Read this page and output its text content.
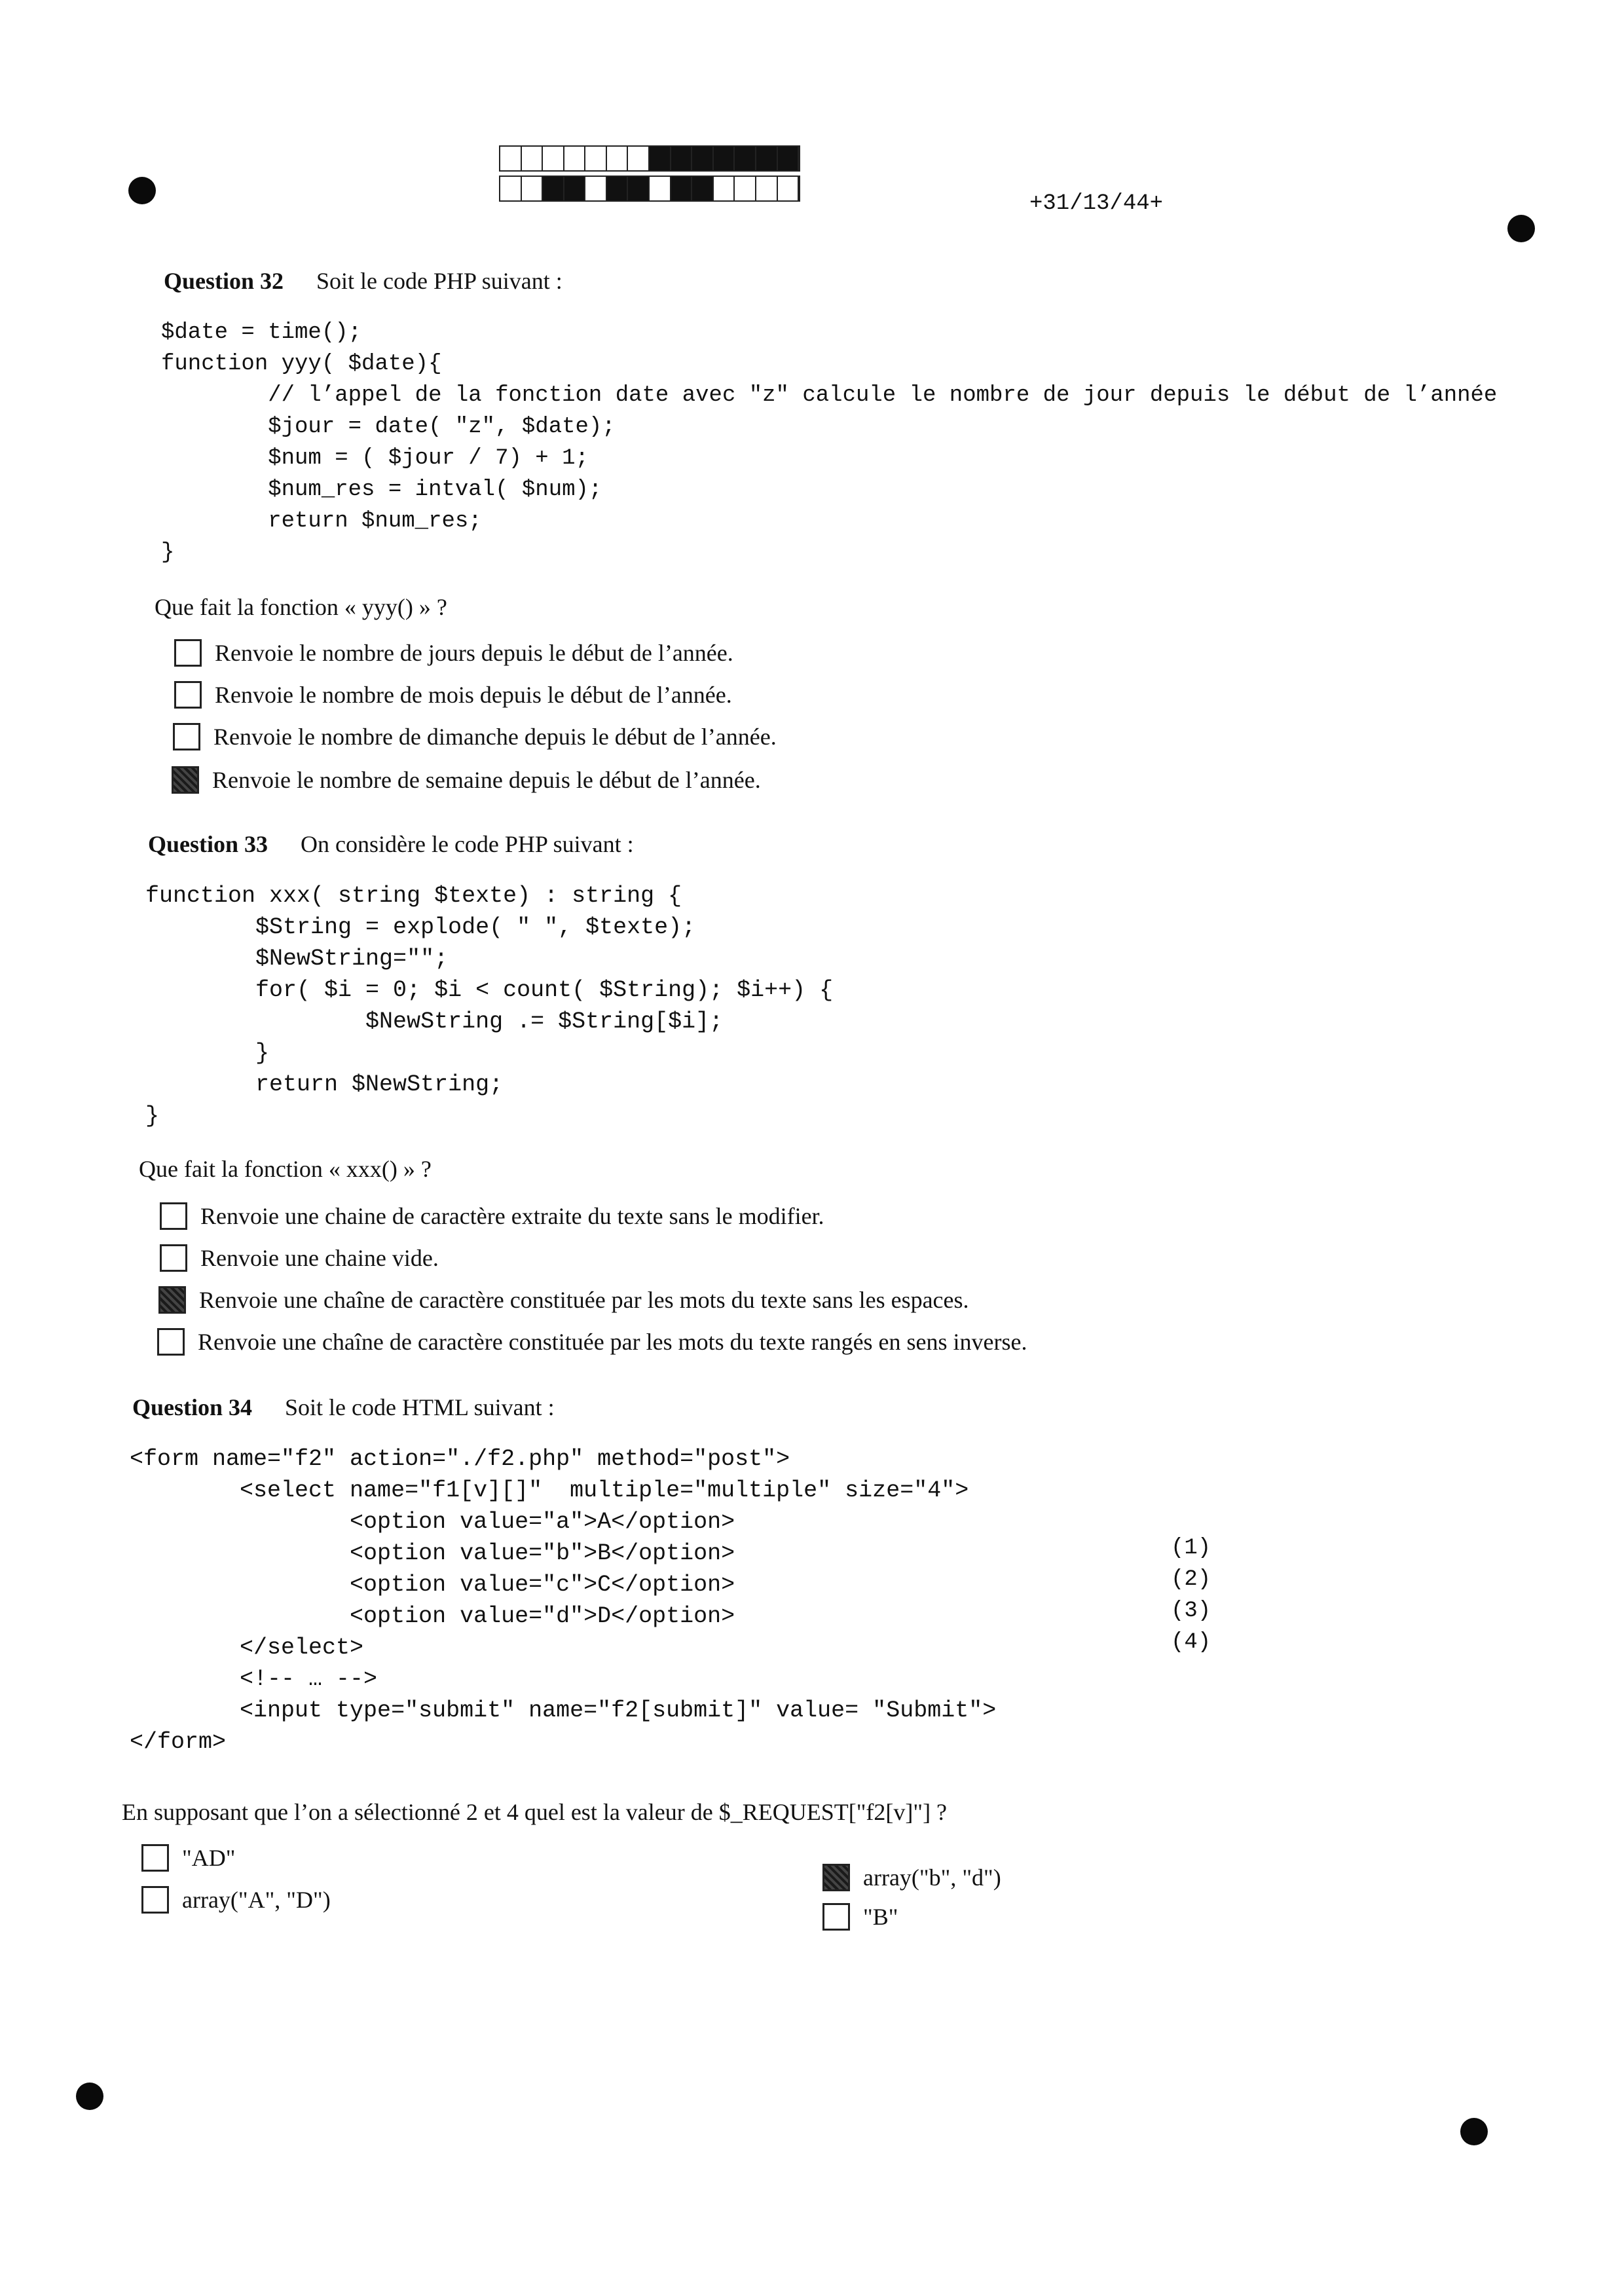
+31/13/44+
Question 32 Soit le code PHP suivant :
$date = time();
function yyy( $date){
// l’appel de la fonction date avec "z" calcule le nombre de jour depuis le début de l’année
$jour = date( "z", $date);
$num = ( $jour / 7) + 1;
$num_res = intval( $num);
return $num_res;
}
Que fait la fonction « yyy() » ?
Renvoie le nombre de jours depuis le début de l’année.
Renvoie le nombre de mois depuis le début de l’année.
Renvoie le nombre de dimanche depuis le début de l’année.
Renvoie le nombre de semaine depuis le début de l’année.
Question 33 On considère le code PHP suivant :
function xxx( string $texte) : string {
$String = explode( " ", $texte);
$NewString="";
for( $i = 0; $i < count( $String); $i++) {
$NewString .= $String[$i];
}
return $NewString;
}
Que fait la fonction « xxx() » ?
Renvoie une chaine de caractère extraite du texte sans le modifier.
Renvoie une chaine vide.
Renvoie une chaîne de caractère constituée par les mots du texte sans les espaces.
Renvoie une chaîne de caractère constituée par les mots du texte rangés en sens inverse.
Question 34 Soit le code HTML suivant :
<form name="f2" action="./f2.php" method="post">
<select name="f1[v][]"  multiple="multiple" size="4">
<option value="a">A</option>
<option value="b">B</option>
<option value="c">C</option>
<option value="d">D</option>
</select>
<!-- … -->
<input type="submit" name="f2[submit]" value= "Submit">
</form>
(1)
(2)
(3)
(4)
En supposant que l’on a sélectionné 2 et 4 quel est la valeur de $_REQUEST["f2[v]"] ?
"AD"
array("A", "D")
array("b", "d")
"B"
